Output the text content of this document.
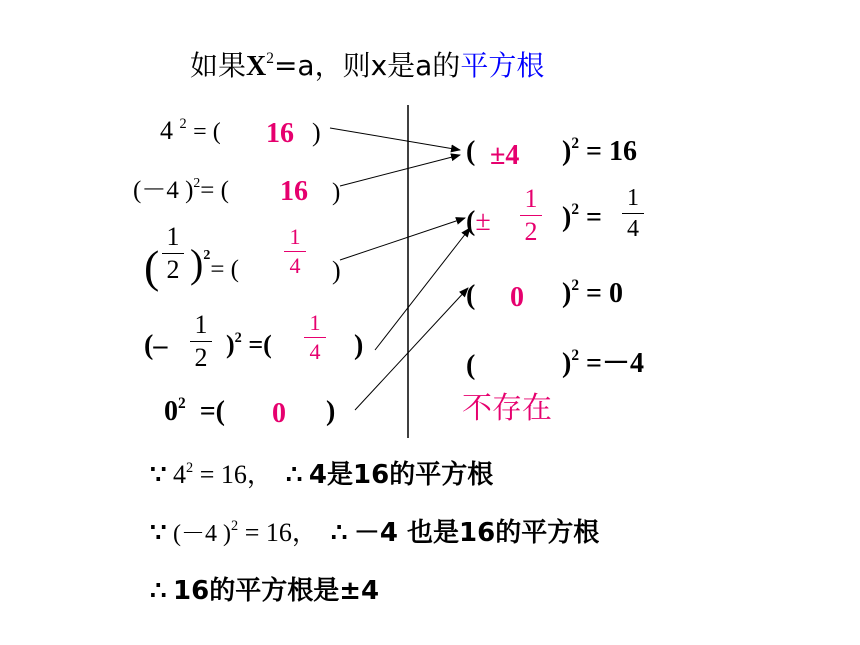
如果$X^2=a$，则x是a的平方根
4 $^2$ = ( 16 )
(－4 )$^2$= ( 16 )
(
1
2 )$^2$= (
1
4 )
(–
1
2 )$^2$ =(
1
4 )
$0^2$ =( 0 )
( ±4 )$^2$ = 16
(±
1
2 )$^2$ =
1
4
( 0 )$^2$ = 0
(	)$^2$ =－4
不存在
∵ $4^2 = 16$， ∴ 4是16的平方根
∵ (－4 )$^2$ = 16， ∴ －4 也是16的平方根
∴ 16的平方根是±4
